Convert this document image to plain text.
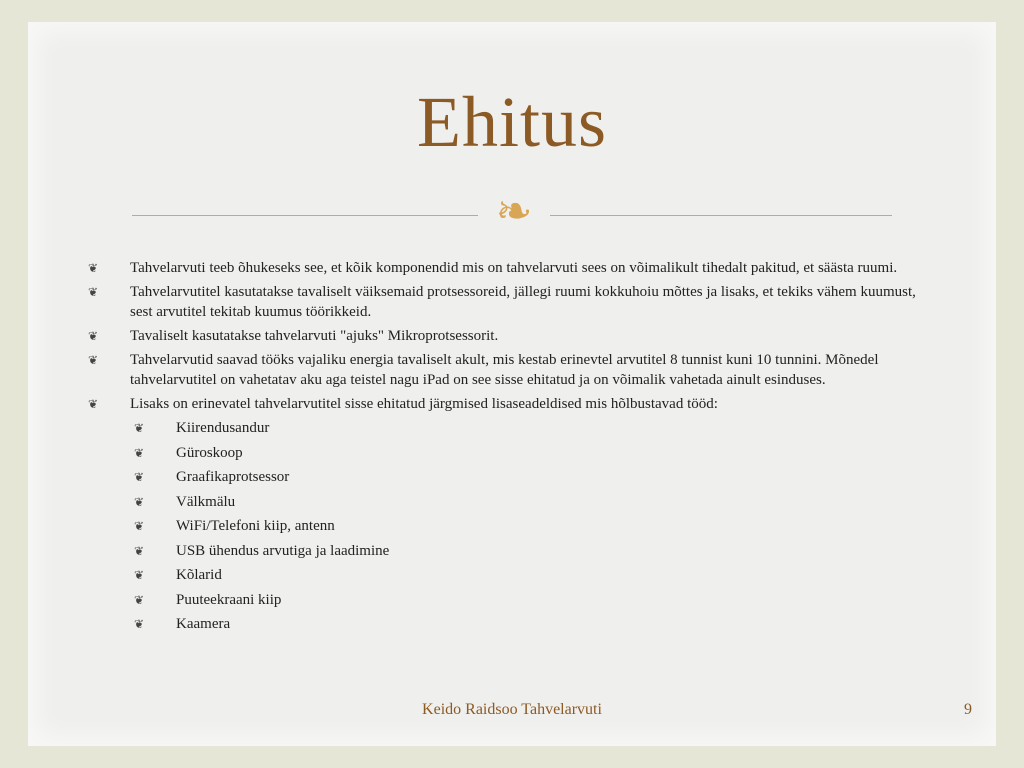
Ehitus
❧
❦	Tahvelarvuti teeb õhukeseks see, et kõik komponendid mis on tahvelarvuti sees on võimalikult tihedalt pakitud, et säästa ruumi.
❦	Tahvelarvutitel kasutatakse tavaliselt väiksemaid protsessoreid, jällegi ruumi kokkuhoiu mõttes ja lisaks, et tekiks vähem kuumust, sest arvutitel tekitab kuumus töörikkeid.
❦	Tavaliselt kasutatakse tahvelarvuti "ajuks" Mikroprotsessorit.
❦	Tahvelarvutid saavad tööks vajaliku energia tavaliselt akult, mis kestab erinevtel arvutitel 8 tunnist kuni 10 tunnini. Mõnedel tahvelarvutitel on vahetatav aku aga teistel nagu iPad on see sisse ehitatud ja on võimalik vahetada ainult esinduses.
❦	Lisaks on erinevatel tahvelarvutitel sisse ehitatud järgmised lisaseadeldised mis hõlbustavad tööd:
❦	Kiirendusandur
❦	Güroskoop
❦	Graafikaprotsessor
❦	Välkmälu
❦	WiFi/Telefoni kiip, antenn
❦	USB ühendus arvutiga ja laadimine
❦	Kõlarid
❦	Puuteekraani kiip
❦	Kaamera
Keido Raidsoo Tahvelarvuti	9
